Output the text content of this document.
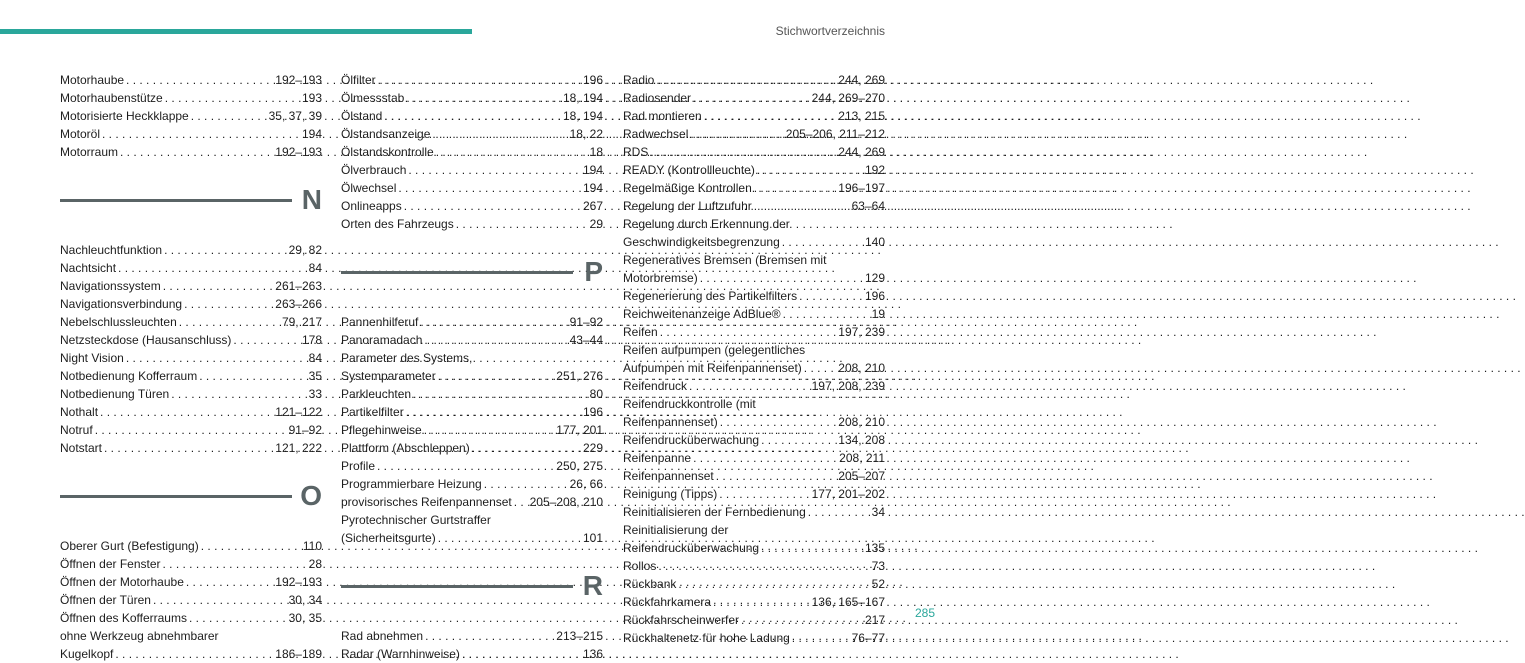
Stichwortverzeichnis
Motorhaube . . .	192–193
Motorhaubenstütze . . .	193
Motorisierte Heckklappe . . .	35, 37, 39
Motoröl . . .	194
Motorraum . . .	192–193
N
Nachleuchtfunktion . . .	29, 82
Nachtsicht . . .	84
Navigationssystem . . .	261–263
Navigationsverbindung . . .	263–266
Nebelschlussleuchten . . .	79, 217
Netzsteckdose (Hausanschluss) . . .	178
Night Vision . . .	84
Notbedienung Kofferraum . . .	35
Notbedienung Türen . . .	33
Nothalt . . .	121–122
Notruf . . .	91–92
Notstart . . .	121, 222
O
Oberer Gurt (Befestigung) . . .	110
Öffnen der Fenster . . .	28
Öffnen der Motorhaube . . .	192–193
Öffnen der Türen . . .	30, 34
Öffnen des Kofferraums . . .	30, 35
ohne Werkzeug abnehmbarer
Kugelkopf . . .	186–189
Ölfilter . . .	196
Ölmessstab . . .	18, 194
Ölstand . . .	18, 194
Ölstandsanzeige . . .	18, 22
Ölstandskontrolle . . .	18
Ölverbrauch . . .	194
Ölwechsel . . .	194
Onlineapps . . .	267
Orten des Fahrzeugs . . .	29
P
Pannenhilferuf . . .	91–92
Panoramadach . . .	43–44
Parameter des Systems,
Systemparameter . . .	251, 276
Parkleuchten . . .	80
Partikelfilter . . .	196
Pflegehinweise . . .	177, 201
Plattform (Abschleppen) . . .	229
Profile . . .	250, 275
Programmierbare Heizung . . .	26, 66
provisorisches Reifenpannenset . . . 205–208, 210
Pyrotechnischer Gurtstraffer
(Sicherheitsgurte) . . .	101
R
Rad abnehmen . . .	213–215
Radar (Warnhinweise) . . .	136
Radio . . .	244, 269
Radiosender . . .	244, 269–270
Rad montieren . . .	213, 215
Radwechsel . . .	205–206, 211–212
RDS . . .	244, 269
READY (Kontrollleuchte) . . .	192
Regelmäßige Kontrollen . . .	196–197
Regelung der Luftzufuhr . . .	63–64
Regelung durch Erkennung der
Geschwindigkeitsbegrenzung . . .	140
Regeneratives Bremsen (Bremsen mit
Motorbremse) . . .	129
Regenerierung des Partikelfilters . . .	196
Reichweitenanzeige AdBlue® . . .	19
Reifen . . .	197, 239
Reifen aufpumpen (gelegentliches
Aufpumpen mit Reifenpannenset) . . .	208, 210
Reifendruck . . .	197, 208, 239
Reifendruckkontrolle (mit
Reifenpannenset) . . .	208, 210
Reifendrucküberwachung . . .	134, 208
Reifenpanne . . .	208, 211
Reifenpannenset . . .	205–207
Reinigung (Tipps) . . .	177, 201–202
Reinitialisieren der Fernbedienung . . .	34
Reinitialisierung der
Reifendrucküberwachung . . .	135
Rollos . . .	73
Rückbank . . .	52
Rückfahrkamera . . .	136, 165–167
Rückfahrscheinwerfer . . .	217
Rückhaltenetz für hohe Ladung . . .	76–77
285
